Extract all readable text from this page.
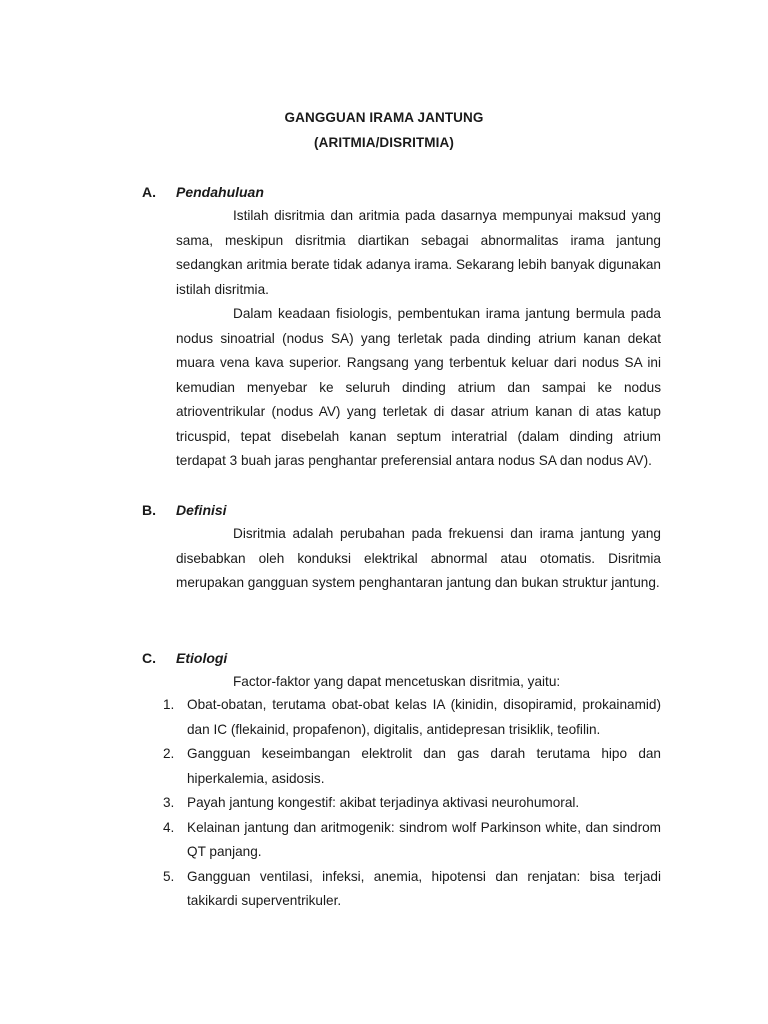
GANGGUAN IRAMA JANTUNG
(ARITMIA/DISRITMIA)
A. Pendahuluan

Istilah disritmia dan aritmia pada dasarnya mempunyai maksud yang sama, meskipun disritmia diartikan sebagai abnormalitas irama jantung sedangkan aritmia berate tidak adanya irama. Sekarang lebih banyak digunakan istilah disritmia.

Dalam keadaan fisiologis, pembentukan irama jantung bermula pada nodus sinoatrial (nodus SA) yang terletak pada dinding atrium kanan dekat muara vena kava superior. Rangsang yang terbentuk keluar dari nodus SA ini kemudian menyebar ke seluruh dinding atrium dan sampai ke nodus atrioventrikular (nodus AV) yang terletak di dasar atrium kanan di atas katup tricuspid, tepat disebelah kanan septum interatrial (dalam dinding atrium terdapat 3 buah jaras penghantar preferensial antara nodus SA dan nodus AV).

B. Definisi

Disritmia adalah perubahan pada frekuensi dan irama jantung yang disebabkan oleh konduksi elektrikal abnormal atau otomatis. Disritmia merupakan gangguan system penghantaran jantung dan bukan struktur jantung.

C. Etiologi
Factor-faktor yang dapat mencetuskan disritmia, yaitu:
1. Obat-obatan, terutama obat-obat kelas IA (kinidin, disopiramid, prokainamid) dan IC (flekainid, propafenon), digitalis, antidepresan trisiklik, teofilin.
2. Gangguan keseimbangan elektrolit dan gas darah terutama hipo dan hiperkalemia, asidosis.
3. Payah jantung kongestif: akibat terjadinya aktivasi neurohumoral.
4. Kelainan jantung dan aritmogenik: sindrom wolf Parkinson white, dan sindrom QT panjang.
5. Gangguan ventilasi, infeksi, anemia, hipotensi dan renjatan: bisa terjadi takikardi superventrikuler.
